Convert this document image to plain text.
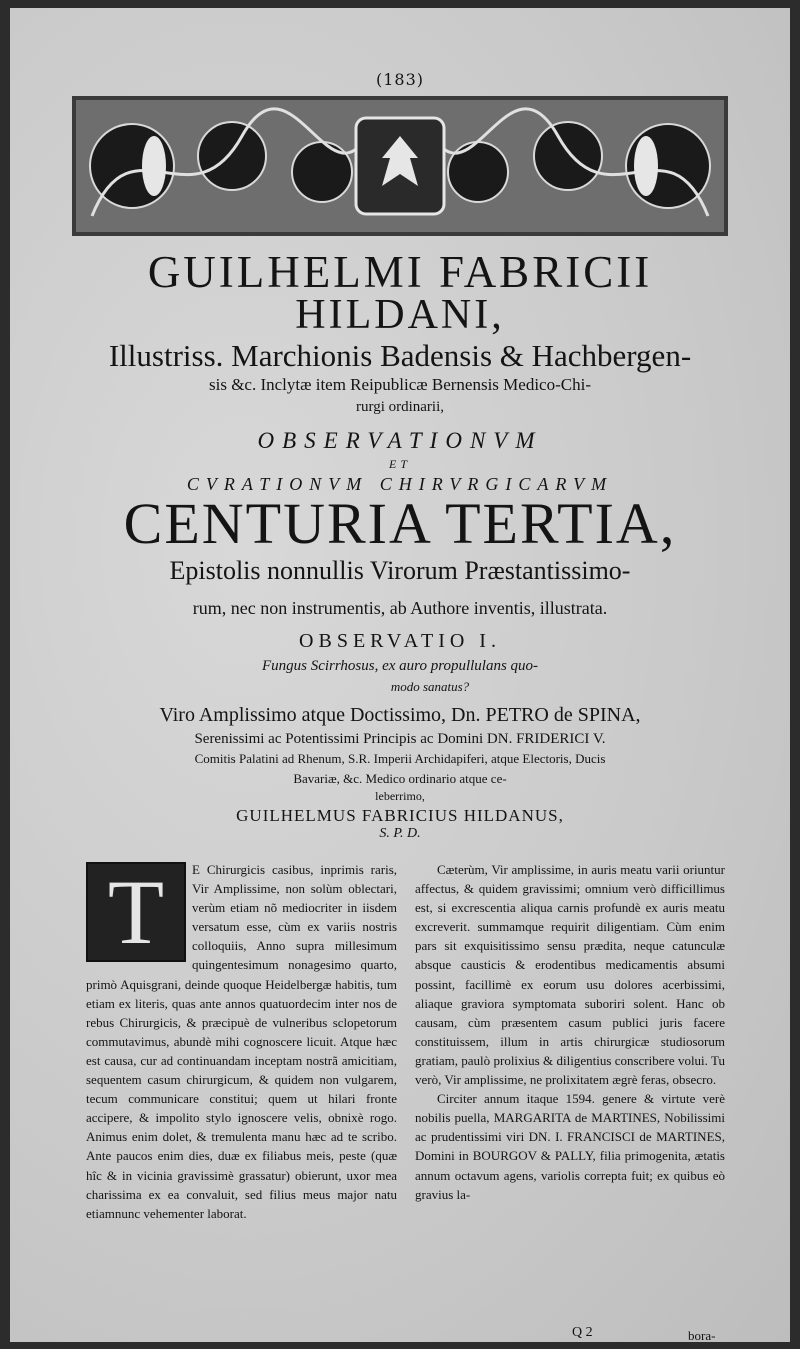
(183)
GUILHELMI FABRICII
HILDANI,
Illustriss. Marchionis Badensis & Hachbergen-
sis &c. Inclytæ item Reipublicæ Bernensis Medico-Chi-
rurgi ordinarii,
OBSERVATIONVM
ET
CVRATIONVM CHIRVRGICARVM
CENTURIA TERTIA,
Epistolis nonnullis Virorum Præstantissimo-
rum, nec non instrumentis, ab Authore inventis, illustrata.
OBSERVATIO I.
Fungus Scirrhosus, ex auro propullulans quo-
modo sanatus?
Viro Amplissimo atque Doctissimo, Dn. PETRO de SPINA,
Serenissimi ac Potentissimi Principis ac Domini DN. FRIDERICI V.
Comitis Palatini ad Rhenum, S.R. Imperii Archidapiferi, atque Electoris, Ducis
Bavariæ, &c. Medico ordinario atque ce-
leberrimo,
GUILHELMUS FABRICIUS HILDANUS,
S. P. D.
T	E Chirurgicis casibus, inprimis raris, Vir Amplissime, non solùm oblectari, verùm etiam nõ mediocriter in iisdem versatum esse, cùm ex variis nostris colloquiis, Anno supra millesimum quingentesimum nonagesimo quarto, primò Aquisgrani, deinde quoque Heidelbergæ habitis, tum etiam ex literis, quas ante annos quatuordecim inter nos de rebus Chirurgicis, & præcipuè de vulneribus sclopetorum commutavimus, abundè mihi cognoscere licuit. Atque hæc est causa, cur ad continuandam inceptam nostrã amicitiam, sequentem casum chirurgicum, & quidem non vulgarem, tecum communicare constitui; quem ut hilari fronte accipere, & impolito stylo ignoscere velis, obnixè rogo. Animus enim dolet, & tremulenta manu hæc ad te scribo. Ante paucos enim dies, duæ ex filiabus meis, peste (quæ hîc & in vicinia gravissimè grassatur) obierunt, uxor mea charissima ex ea convaluit, sed filius meus major natu etiamnunc vehementer laborat.

Cæterùm, Vir amplissime, in auris meatu varii oriuntur affectus, & quidem gravissimi; omnium verò difficillimus est, si excrescentia aliqua carnis profundè ex auris meatu excreverit. summamque requirit diligentiam. Cùm enim pars sit exquisitissimo sensu prædita, neque catunculæ absque causticis & erodentibus medicamentis absumi possint, facillimè ex eorum usu dolores acerbissimi, aliaque graviora symptomata suboriri solent. Hanc ob causam, cùm præsentem casum publici juris facere constituissem, illum in artis chirurgicæ studiosorum gratiam, paulò prolixius & diligentius conscribere volui. Tu verò, Vir amplissime, ne prolixitatem ægrè feras, obsecro.

Circiter annum itaque 1594. genere & virtute verè nobilis puella, MARGARITA de MARTINES, Nobilissimi ac prudentissimi viri DN. I. FRANCISCI de MARTINES, Domini in BOURGOV & PALLY, filia primogenita, ætatis annum octavum agens, variolis correpta fuit; ex quibus eò gravius la-

Q 2	bora-
